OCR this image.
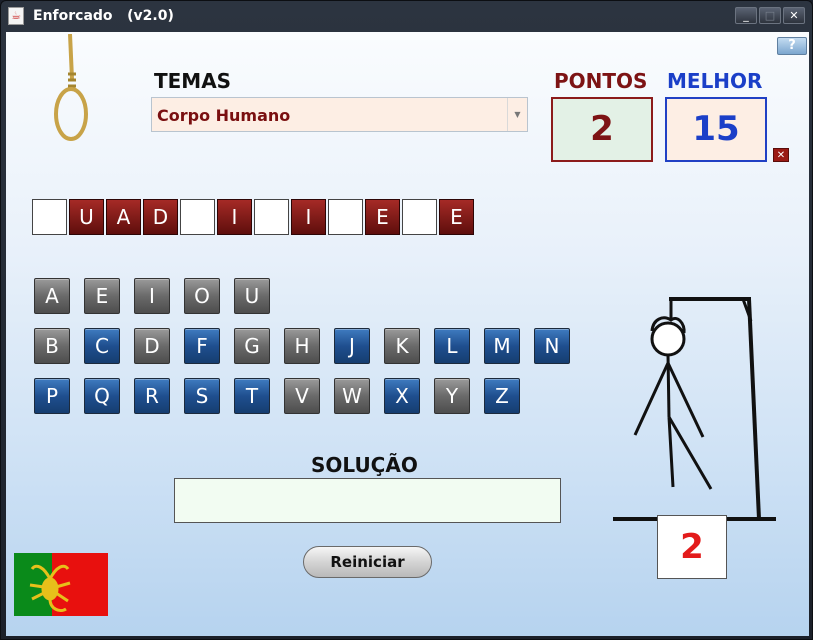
☕ Enforcado   (v2.0)	_	□	✕
?
TEMAS
Corpo Humano	▼
PONTOS MELHOR
2	15
✕
U	A	D	I	I	E	E
A	E	I	O	U
B	C	D	F	G	H	J	K	L	M	N
P	Q	R	S	T	V	W	X	Y	Z
SOLUÇÃO
Reiniciar	2
